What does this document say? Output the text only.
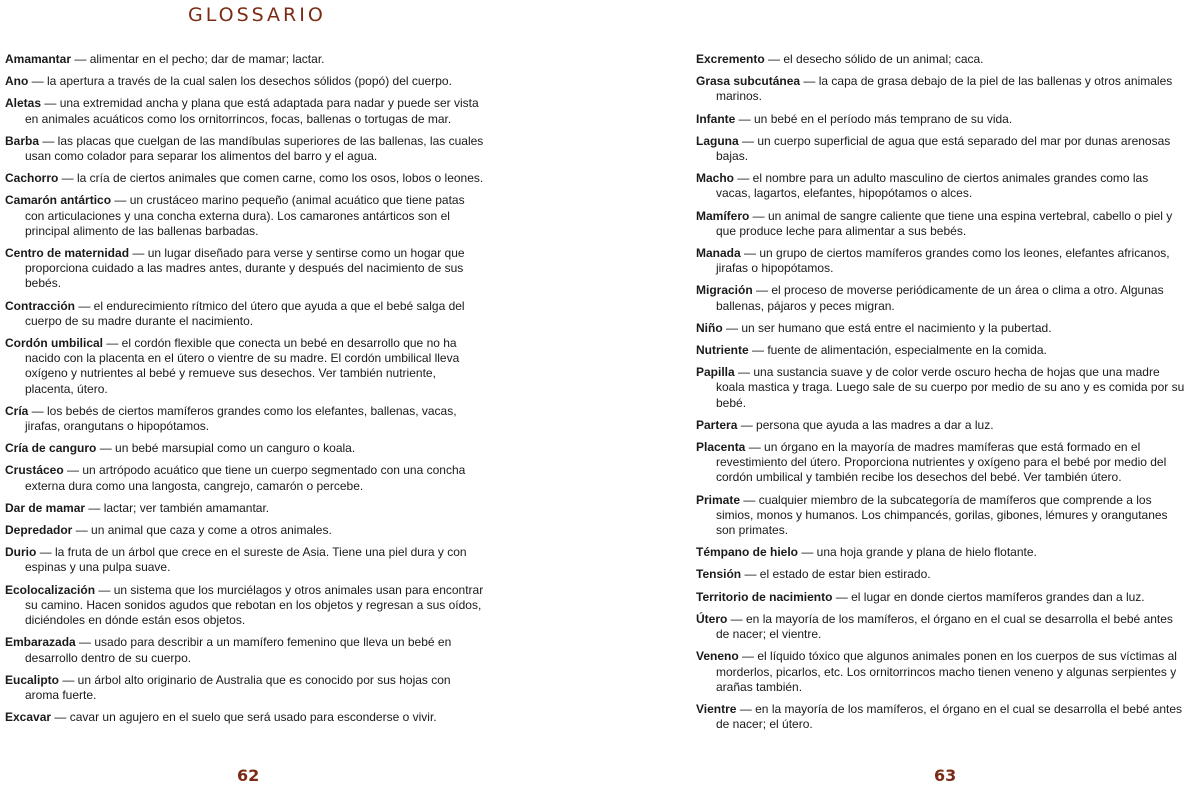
GLOSSARIO

Amamantar — alimentar en el pecho; dar de mamar; lactar.

Ano — la apertura a través de la cual salen los desechos sólidos (popó) del cuerpo.

Aletas — una extremidad ancha y plana que está adaptada para nadar y puede ser vista en animales acuáticos como los ornitorrincos, focas, ballenas o tortugas de mar.

Barba — las placas que cuelgan de las mandíbulas superiores de las ballenas, las cuales usan como colador para separar los alimentos del barro y el agua.

Cachorro — la cría de ciertos animales que comen carne, como los osos, lobos o leones.

Camarón antártico — un crustáceo marino pequeño (animal acuático que tiene patas con articulaciones y una concha externa dura). Los camarones antárticos son el principal alimento de las ballenas barbadas.

Centro de maternidad — un lugar diseñado para verse y sentirse como un hogar que proporciona cuidado a las madres antes, durante y después del nacimiento de sus bebés.

Contracción — el endurecimiento rítmico del útero que ayuda a que el bebé salga del cuerpo de su madre durante el nacimiento.

Cordón umbilical — el cordón flexible que conecta un bebé en desarrollo que no ha nacido con la placenta en el útero o vientre de su madre. El cordón umbilical lleva oxígeno y nutrientes al bebé y remueve sus desechos. Ver también nutriente, placenta, útero.

Cría — los bebés de ciertos mamíferos grandes como los elefantes, ballenas, vacas, jirafas, orangutans o hipopótamos.

Cría de canguro — un bebé marsupial como un canguro o koala.

Crustáceo — un artrópodo acuático que tiene un cuerpo segmentado con una concha externa dura como una langosta, cangrejo, camarón o percebe.

Dar de mamar — lactar; ver también amamantar.

Depredador — un animal que caza y come a otros animales.

Durio — la fruta de un árbol que crece en el sureste de Asia. Tiene una piel dura y con espinas y una pulpa suave.

Ecolocalización — un sistema que los murciélagos y otros animales usan para encontrar su camino. Hacen sonidos agudos que rebotan en los objetos y regresan a sus oídos, diciéndoles en dónde están esos objetos.

Embarazada — usado para describir a un mamífero femenino que lleva un bebé en desarrollo dentro de su cuerpo.

Eucalipto — un árbol alto originario de Australia que es conocido por sus hojas con aroma fuerte.

Excavar — cavar un agujero en el suelo que será usado para esconderse o vivir.

Excremento — el desecho sólido de un animal; caca.

Grasa subcutánea — la capa de grasa debajo de la piel de las ballenas y otros animales marinos.

Infante — un bebé en el período más temprano de su vida.

Laguna — un cuerpo superficial de agua que está separado del mar por dunas arenosas bajas.

Macho — el nombre para un adulto masculino de ciertos animales grandes como las vacas, lagartos, elefantes, hipopótamos o alces.

Mamífero — un animal de sangre caliente que tiene una espina vertebral, cabello o piel y que produce leche para alimentar a sus bebés.

Manada — un grupo de ciertos mamíferos grandes como los leones, elefantes africanos, jirafas o hipopótamos.

Migración — el proceso de moverse periódicamente de un área o clima a otro. Algunas ballenas, pájaros y peces migran.

Niño — un ser humano que está entre el nacimiento y la pubertad.

Nutriente — fuente de alimentación, especialmente en la comida.

Papilla — una sustancia suave y de color verde oscuro hecha de hojas que una madre koala mastica y traga. Luego sale de su cuerpo por medio de su ano y es comida por su bebé.

Partera — persona que ayuda a las madres a dar a luz.

Placenta — un órgano en la mayoría de madres mamíferas que está formado en el revestimiento del útero. Proporciona nutrientes y oxígeno para el bebé por medio del cordón umbilical y también recibe los desechos del bebé. Ver también útero.

Primate — cualquier miembro de la subcategoría de mamíferos que comprende a los simios, monos y humanos. Los chimpancés, gorilas, gibones, lémures y orangutanes son primates.

Témpano de hielo — una hoja grande y plana de hielo flotante.

Tensión — el estado de estar bien estirado.

Territorio de nacimiento — el lugar en donde ciertos mamíferos grandes dan a luz.

Útero — en la mayoría de los mamíferos, el órgano en el cual se desarrolla el bebé antes de nacer; el vientre.

Veneno — el líquido tóxico que algunos animales ponen en los cuerpos de sus víctimas al morderlos, picarlos, etc. Los ornitorrincos macho tienen veneno y algunas serpientes y arañas también.

Vientre — en la mayoría de los mamíferos, el órgano en el cual se desarrolla el bebé antes de nacer; el útero.

62	63
